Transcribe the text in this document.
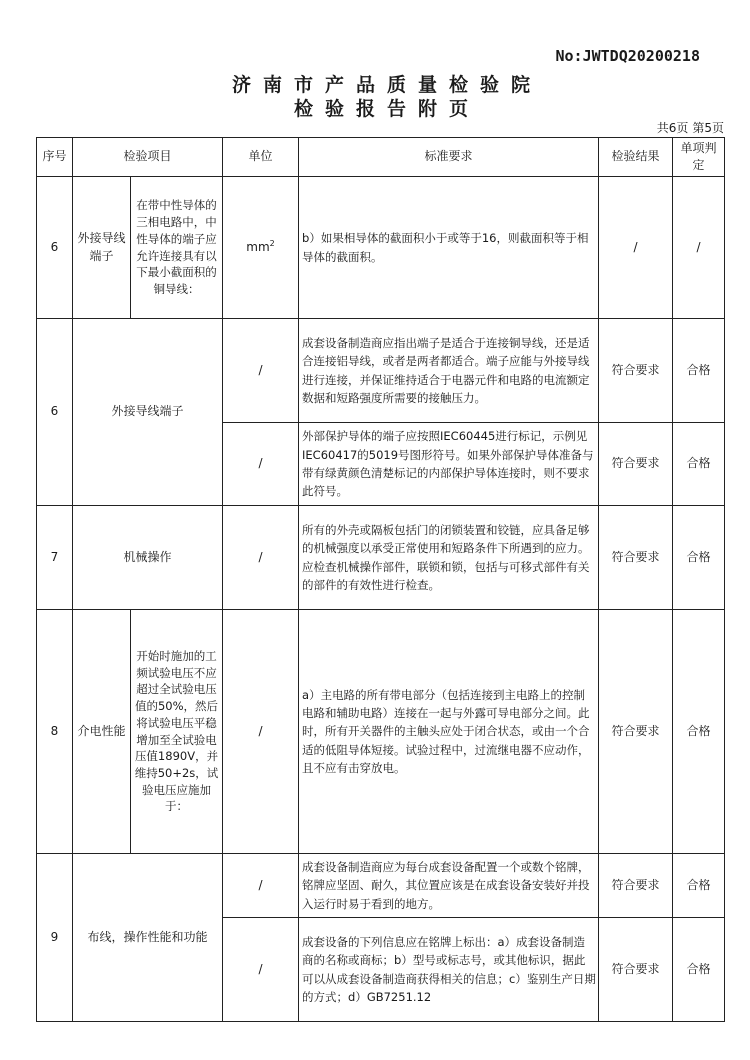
No:JWTDQ20200218
济南市产品质量检验院
检验报告附页
共6页 第5页
序号	检验项目		单位	标准要求	检验结果	单项判定
6	外接导线端子	在带中性导体的三相电路中，中性导体的端子应允许连接具有以下最小截面积的铜导线：	$mm^2$	b）如果相导体的截面积小于或等于16，则截面积等于相导体的截面积。	/	/
6	外接导线端子		/	成套设备制造商应指出端子是适合于连接铜导线，还是适合连接铝导线，或者是两者都适合。端子应能与外接导线进行连接，并保证维持适合于电器元件和电路的电流额定数据和短路强度所需要的接触压力。	符合要求	合格
			/	外部保护导体的端子应按照IEC60445进行标记，示例见IEC60417的5019号图形符号。如果外部保护导体准备与带有绿黄颜色清楚标记的内部保护导体连接时，则不要求此符号。	符合要求	合格
7	机械操作		/	所有的外壳或隔板包括门的闭锁装置和铰链，应具备足够的机械强度以承受正常使用和短路条件下所遇到的应力。应检查机械操作部件，联锁和锁，包括与可移式部件有关的部件的有效性进行检查。	符合要求	合格
8	介电性能	开始时施加的工频试验电压不应超过全试验电压值的50%，然后将试验电压平稳增加至全试验电压值1890V，并维持50+2s，试验电压应施加于：	/	a）主电路的所有带电部分（包括连接到主电路上的控制电路和辅助电路）连接在一起与外露可导电部分之间。此时，所有开关器件的主触头应处于闭合状态，或由一个合适的低阻导体短接。试验过程中，过流继电器不应动作，且不应有击穿放电。	符合要求	合格
9	布线，操作性能和功能		/	成套设备制造商应为每台成套设备配置一个或数个铭牌，铭牌应坚固、耐久，其位置应该是在成套设备安装好并投入运行时易于看到的地方。	符合要求	合格
			/	成套设备的下列信息应在铭牌上标出：a）成套设备制造商的名称或商标；b）型号或标志号，或其他标识，据此可以从成套设备制造商获得相关的信息；c）鉴别生产日期的方式；d）GB7251.12	符合要求	合格
